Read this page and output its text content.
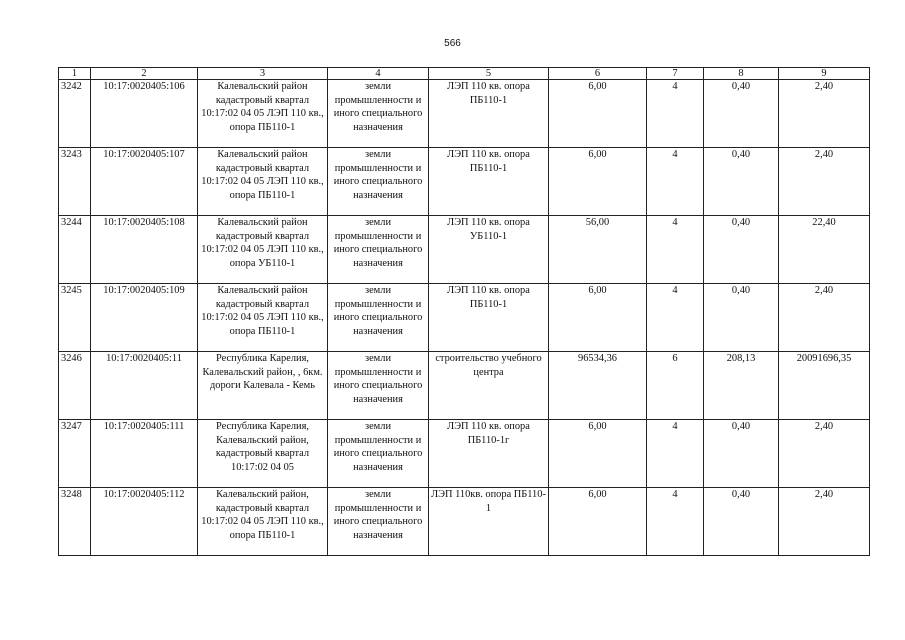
566
1	2	3	4	5	6	7	8	9
3242	10:17:0020405:106	Калевальский район кадастровый квартал 10:17:02 04 05 ЛЭП 110 кв., опора ПБ110-1	земли промышленности и иного специального назначения	ЛЭП 110 кв. опора ПБ110-1	6,00	4	0,40	2,40
3243	10:17:0020405:107	Калевальский район кадастровый квартал 10:17:02 04 05 ЛЭП 110 кв., опора ПБ110-1	земли промышленности и иного специального назначения	ЛЭП 110 кв. опора ПБ110-1	6,00	4	0,40	2,40
3244	10:17:0020405:108	Калевальский район кадастровый квартал 10:17:02 04 05 ЛЭП 110 кв., опора УБ110-1	земли промышленности и иного специального назначения	ЛЭП 110 кв. опора УБ110-1	56,00	4	0,40	22,40
3245	10:17:0020405:109	Калевальский район кадастровый квартал 10:17:02 04 05 ЛЭП 110 кв., опора ПБ110-1	земли промышленности и иного специального назначения	ЛЭП 110 кв. опора ПБ110-1	6,00	4	0,40	2,40
3246	10:17:0020405:11	Республика Карелия, Калевальский район, , 6км. дороги Калевала - Кемь	земли промышленности и иного специального назначения	строительство учебного центра	96534,36	6	208,13	20091696,35
3247	10:17:0020405:111	Республика Карелия, Калевальский район, кадастровый квартал 10:17:02 04 05	земли промышленности и иного специального назначения	ЛЭП 110 кв. опора ПБ110-1г	6,00	4	0,40	2,40
3248	10:17:0020405:112	Калевальский район, кадастровый квартал 10:17:02 04 05 ЛЭП 110 кв., опора ПБ110-1	земли промышленности и иного специального назначения	ЛЭП 110кв. опора ПБ110-1	6,00	4	0,40	2,40
